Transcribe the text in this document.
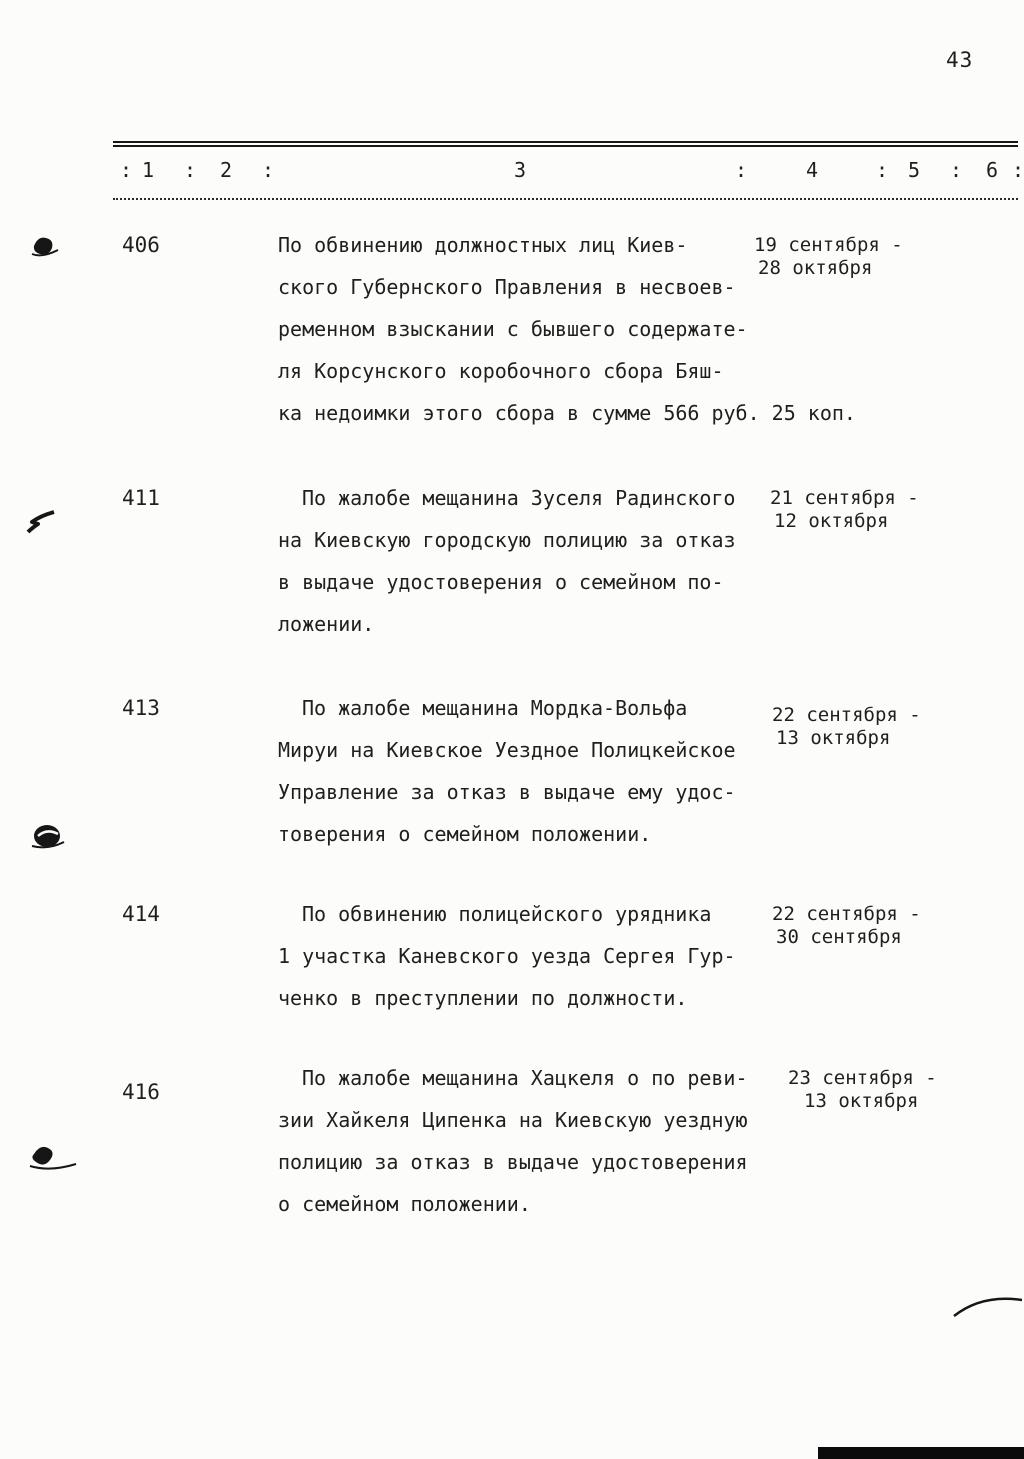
43
: 1 : 2 :	3	:	4	: 5 : 6 :
406	По обвинению должностных лиц Киев-
ского Губернского Правления в несвоев-
ременном взыскании с бывшего содержате-
ля Корсунского коробочного сбора Бяш-
ка недоимки этого сбора в сумме 566 руб. 25 коп.
19 сентября -
28 октября
411	По жалобе мещанина Зуселя Радинского
на Киевскую городскую полицию за отказ
в выдаче удостоверения о семейном по-
ложении.
21 сентября -
12 октября
413	По жалобе мещанина Мордка-Вольфа
Мируи на Киевское Уездное Полицкейское
Управление за отказ в выдаче ему удос-
товерения о семейном положении.
22 сентября -
13 октября
414	По обвинению полицейского урядника
1 участка Каневского уезда Сергея Гур-
ченко в преступлении по должности.
22 сентября -
30 сентября
416
По жалобе мещанина Хацкеля о по реви-
зии Хайкеля Ципенка на Киевскую уездную
полицию за отказ в выдаче удостоверения
о семейном положении.
23 сентября -
13 октября
